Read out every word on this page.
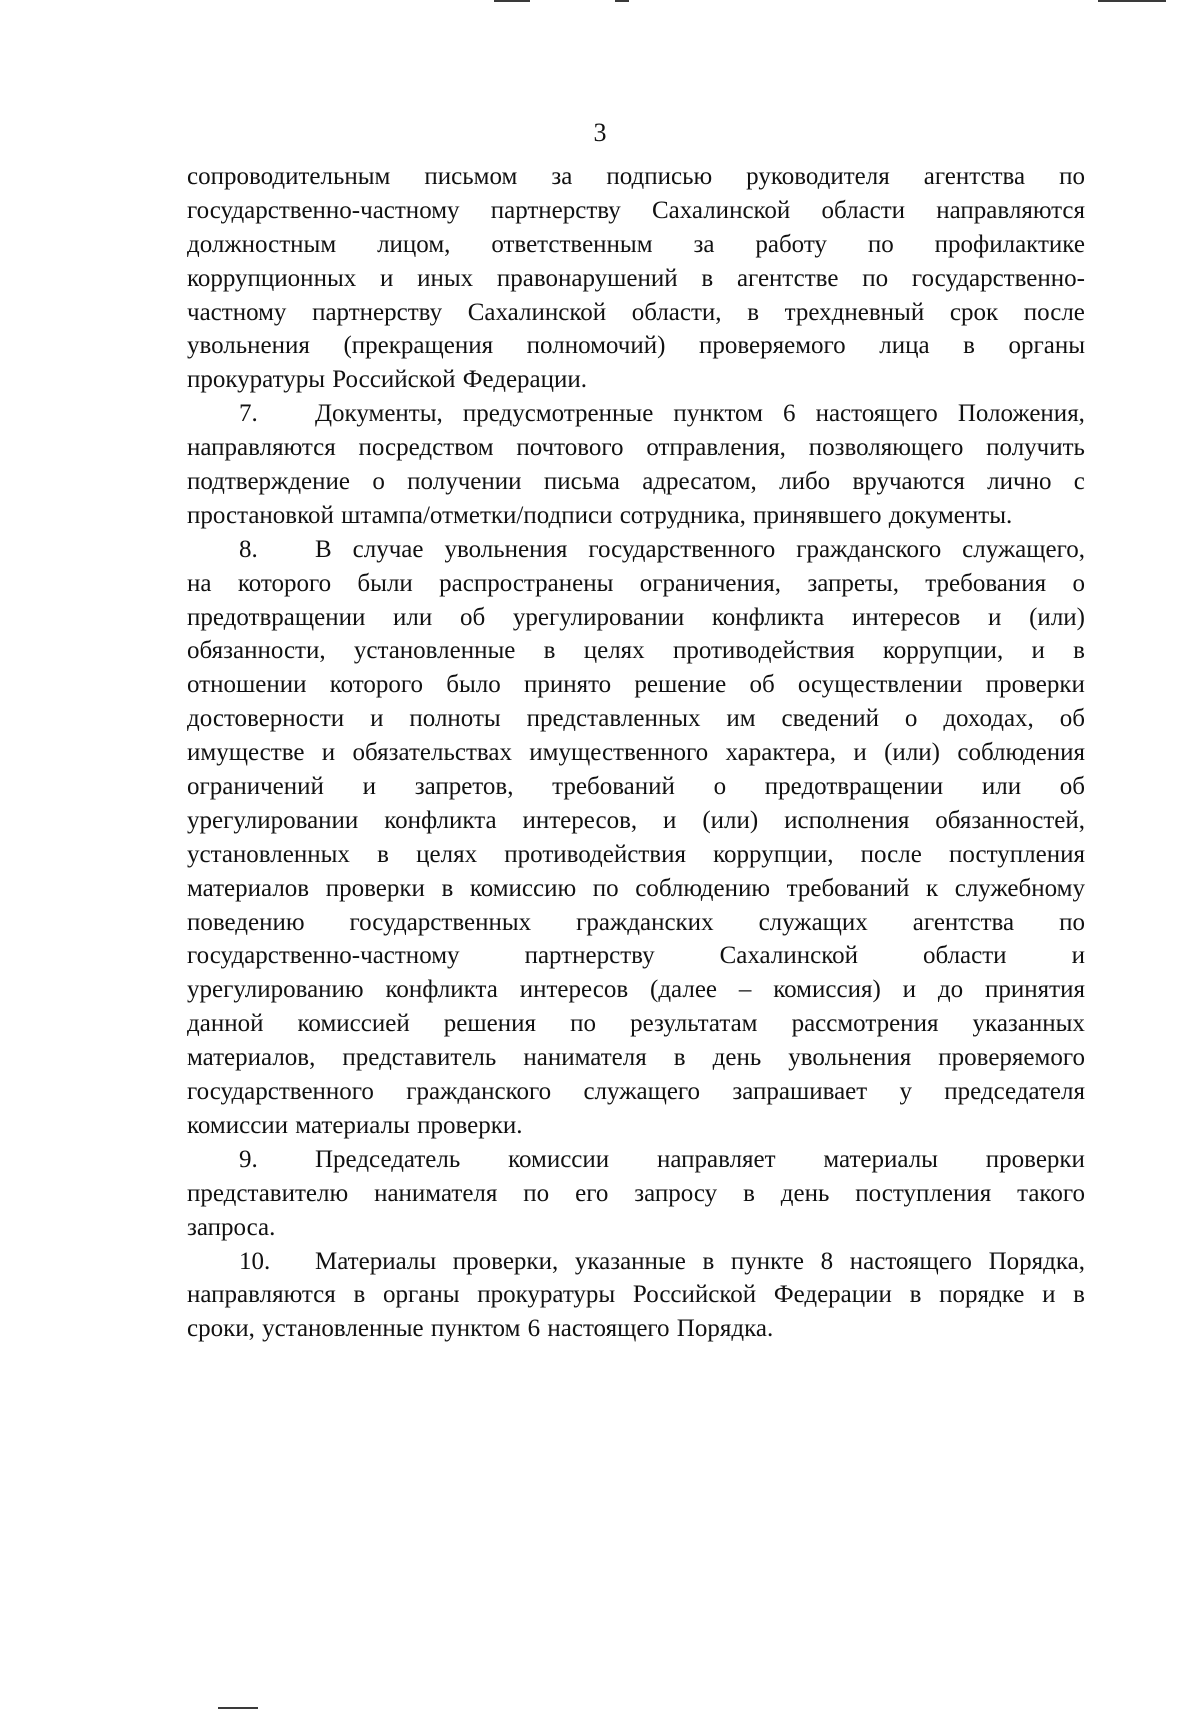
3
сопроводительным письмом за подписью руководителя агентства по
государственно-частному партнерству Сахалинской области направляются
должностным лицом, ответственным за работу по профилактике
коррупционных и иных правонарушений в агентстве по государственно-
частному партнерству Сахалинской области, в трехдневный срок после
увольнения (прекращения полномочий) проверяемого лица в органы
прокуратуры Российской Федерации.
7.	Документы, предусмотренные пунктом 6 настоящего Положения,
направляются посредством почтового отправления, позволяющего получить
подтверждение о получении письма адресатом, либо вручаются лично с
простановкой штампа/отметки/подписи сотрудника, принявшего документы.
8.	В случае увольнения государственного гражданского служащего,
на которого были распространены ограничения, запреты, требования о
предотвращении или об урегулировании конфликта интересов и (или)
обязанности, установленные в целях противодействия коррупции, и в
отношении которого было принято решение об осуществлении проверки
достоверности и полноты представленных им сведений о доходах, об
имуществе и обязательствах имущественного характера, и (или) соблюдения
ограничений и запретов, требований о предотвращении или об
урегулировании конфликта интересов, и (или) исполнения обязанностей,
установленных в целях противодействия коррупции, после поступления
материалов проверки в комиссию по соблюдению требований к служебному
поведению государственных гражданских служащих агентства по
государственно-частному	партнерству	Сахалинской	области	и
урегулированию конфликта интересов (далее – комиссия) и до принятия
данной комиссией решения по результатам рассмотрения указанных
материалов, представитель нанимателя в день увольнения проверяемого
государственного гражданского служащего запрашивает у председателя
комиссии материалы проверки.
9.	Председатель комиссии направляет материалы проверки
представителю нанимателя по его запросу в день поступления такого
запроса.
10.	Материалы проверки, указанные в пункте 8 настоящего Порядка,
направляются в органы прокуратуры Российской Федерации в порядке и в
сроки, установленные пунктом 6 настоящего Порядка.
